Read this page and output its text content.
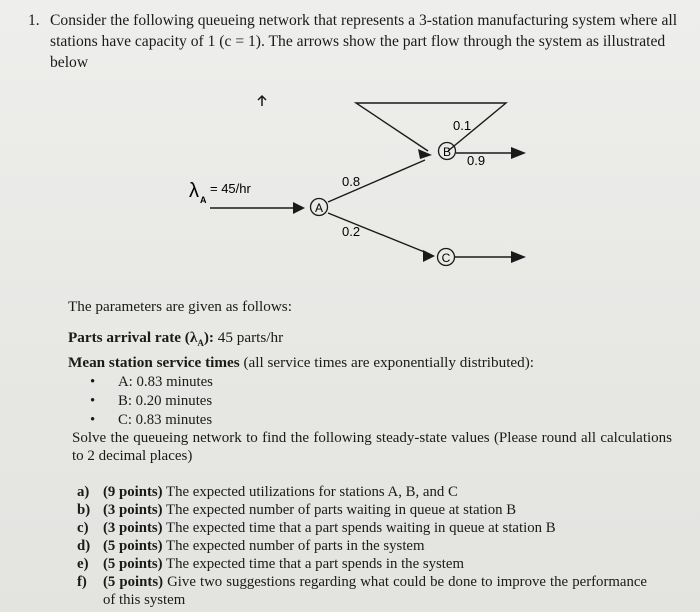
1. Consider the following queueing network that represents a 3-station manufacturing system where all stations have capacity of 1 (c = 1). The arrows show the part flow through the system as illustrated below
λ A
= 45/hr
A
0.8
0.2
0.1
B
0.9
C
The parameters are given as follows:
Parts arrival rate $(\lambda_A)$: 45 parts/hr
Mean station service times (all service times are exponentially distributed):
• A: 0.83 minutes
• B: 0.20 minutes
• C: 0.83 minutes
Solve the queueing network to find the following steady-state values (Please round all calculations to 2 decimal places)
a) (9 points) The expected utilizations for stations A, B, and C
b) (3 points) The expected number of parts waiting in queue at station B
c) (3 points) The expected time that a part spends waiting in queue at station B
d) (5 points) The expected number of parts in the system
e) (5 points) The expected time that a part spends in the system
f) (5 points) Give two suggestions regarding what could be done to improve the performance of this system
